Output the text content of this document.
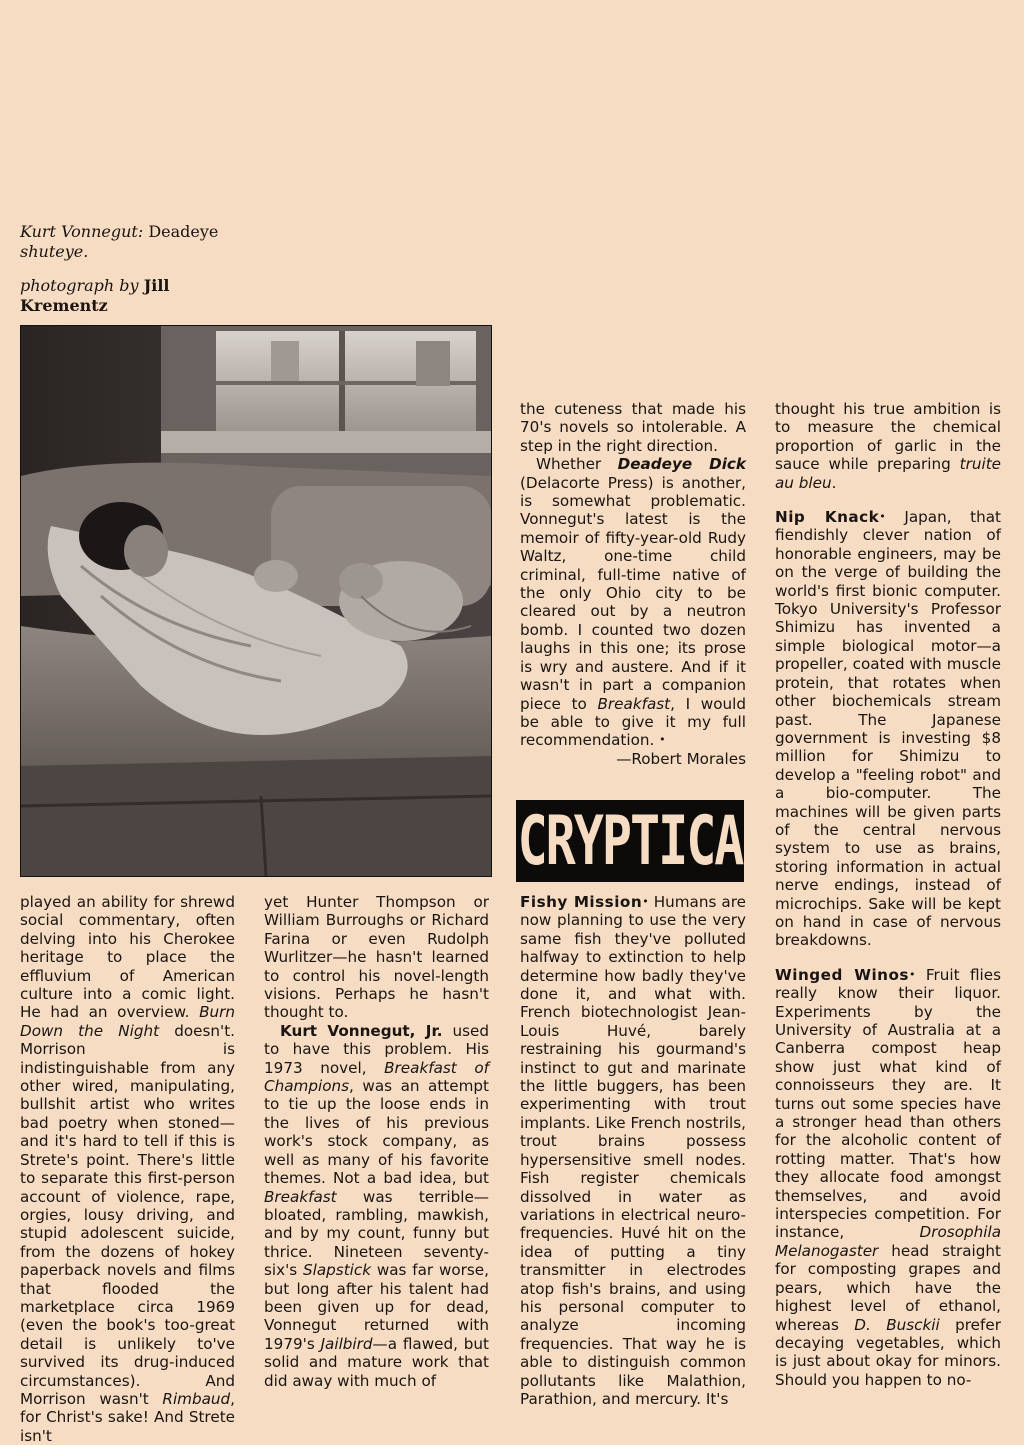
Kurt Vonnegut: Deadeye
shuteye.

photograph by Jill Krementz

played an ability for shrewd social commentary, often delving into his Cherokee heritage to place the effluvium of American culture into a comic light. He had an overview. Burn Down the Night doesn't. Morrison is indistinguishable from any other wired, manipulating, bullshit artist who writes bad poetry when stoned—and it's hard to tell if this is Strete's point. There's little to separate this first-person account of violence, rape, orgies, lousy driving, and stupid adolescent suicide, from the dozens of hokey paperback novels and films that flooded the marketplace circa 1969 (even the book's too-great detail is unlikely to've survived its drug-induced circumstances). And Morrison wasn't Rimbaud, for Christ's sake! And Strete isn't

yet Hunter Thompson or William Burroughs or Richard Farina or even Rudolph Wurlitzer—he hasn't learned to control his novel-length visions. Perhaps he hasn't thought to.

Kurt Vonnegut, Jr. used to have this problem. His 1973 novel, Breakfast of Champions, was an attempt to tie up the loose ends in the lives of his previous work's stock company, as well as many of his favorite themes. Not a bad idea, but Breakfast was terrible—bloated, rambling, mawkish, and by my count, funny but thrice. Nineteen seventy-six's Slapstick was far worse, but long after his talent had been given up for dead, Vonnegut returned with 1979's Jailbird—a flawed, but solid and mature work that did away with much of

the cuteness that made his 70's novels so intolerable. A step in the right direction.

Whether Deadeye Dick (Delacorte Press) is another, is somewhat problematic. Vonnegut's latest is the memoir of fifty-year-old Rudy Waltz, one-time child criminal, full-time native of the only Ohio city to be cleared out by a neutron bomb. I counted two dozen laughs in this one; its prose is wry and austere. And if it wasn't in part a companion piece to Breakfast, I would be able to give it my full recommendation. •

—Robert Morales

CRYPTICA

Fishy Mission• Humans are now planning to use the very same fish they've polluted halfway to extinction to help determine how badly they've done it, and what with. French biotechnologist Jean-Louis Huvé, barely restraining his gourmand's instinct to gut and marinate the little buggers, has been experimenting with trout implants. Like French nostrils, trout brains possess hypersensitive smell nodes. Fish register chemicals dissolved in water as variations in electrical neuro-frequencies. Huvé hit on the idea of putting a tiny transmitter in electrodes atop fish's brains, and using his personal computer to analyze incoming frequencies. That way he is able to distinguish common pollutants like Malathion, Parathion, and mercury. It's

thought his true ambition is to measure the chemical proportion of garlic in the sauce while preparing truite au bleu.

Nip Knack• Japan, that fiendishly clever nation of honorable engineers, may be on the verge of building the world's first bionic computer. Tokyo University's Professor Shimizu has invented a simple biological motor—a propeller, coated with muscle protein, that rotates when other biochemicals stream past. The Japanese government is investing $8 million for Shimizu to develop a "feeling robot" and a bio-computer. The machines will be given parts of the central nervous system to use as brains, storing information in actual nerve endings, instead of microchips. Sake will be kept on hand in case of nervous breakdowns.

Winged Winos• Fruit flies really know their liquor. Experiments by the University of Australia at a Canberra compost heap show just what kind of connoisseurs they are. It turns out some species have a stronger head than others for the alcoholic content of rotting matter. That's how they allocate food amongst themselves, and avoid interspecies competition. For instance, Drosophila Melanogaster head straight for composting grapes and pears, which have the highest level of ethanol, whereas D. Busckii prefer decaying vegetables, which is just about okay for minors. Should you happen to no-
